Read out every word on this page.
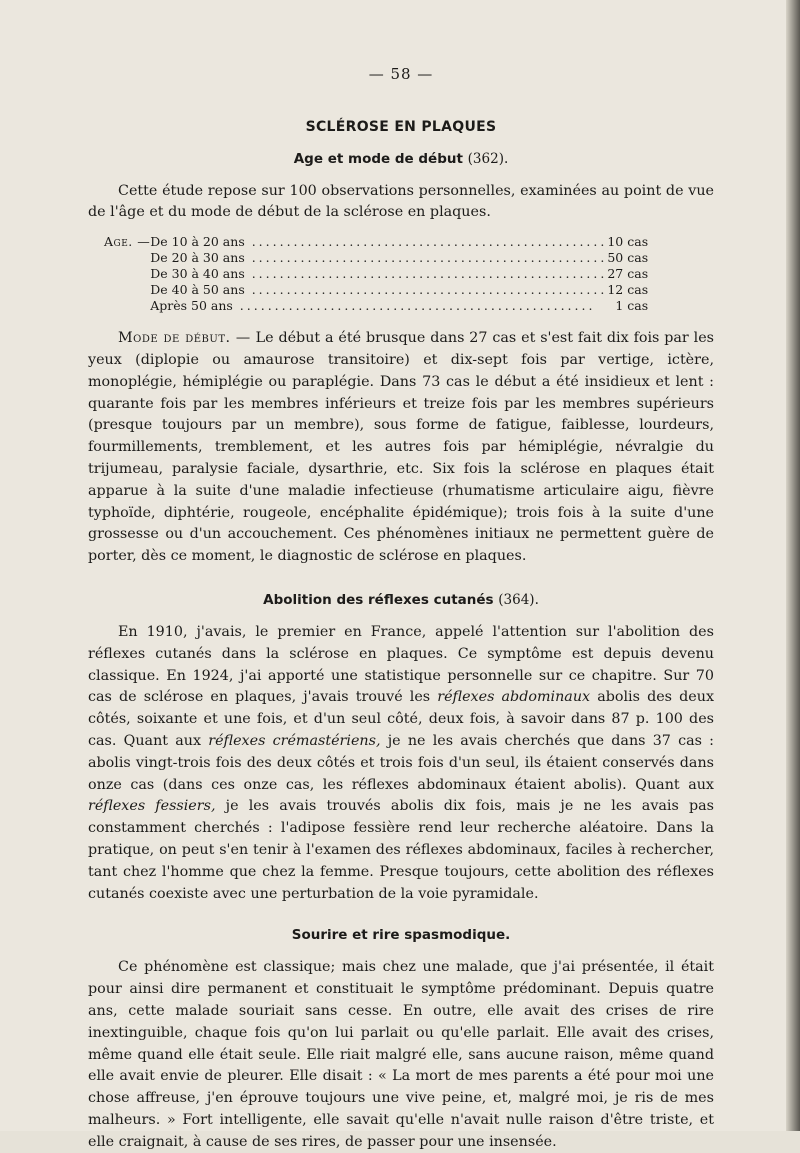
— 58 —
SCLÉROSE EN PLAQUES
Age et mode de début (362).

Cette étude repose sur 100 observations personnelles, examinées au point de vue de l'âge et du mode de début de la sclérose en plaques.

Age. —	De 10 à 20 ans ...................................................	10 cas
	De 20 à 30 ans ...................................................	50 cas
	De 30 à 40 ans ...................................................	27 cas
	De 40 à 50 ans ...................................................	12 cas
	Après 50 ans ...................................................	1 cas

Mode de début. — Le début a été brusque dans 27 cas et s'est fait dix fois par les yeux (diplopie ou amaurose transitoire) et dix-sept fois par vertige, ictère, monoplégie, hémiplégie ou paraplégie. Dans 73 cas le début a été insidieux et lent : quarante fois par les membres inférieurs et treize fois par les membres supérieurs (presque toujours par un membre), sous forme de fatigue, faiblesse, lourdeurs, fourmillements, tremblement, et les autres fois par hémiplégie, névralgie du trijumeau, paralysie faciale, dysarthrie, etc. Six fois la sclérose en plaques était apparue à la suite d'une maladie infectieuse (rhumatisme articulaire aigu, fièvre typhoïde, diphtérie, rougeole, encéphalite épidémique); trois fois à la suite d'une grossesse ou d'un accouchement. Ces phénomènes initiaux ne permettent guère de porter, dès ce moment, le diagnostic de sclérose en plaques.

Abolition des réflexes cutanés (364).

En 1910, j'avais, le premier en France, appelé l'attention sur l'abolition des réflexes cutanés dans la sclérose en plaques. Ce symptôme est depuis devenu classique. En 1924, j'ai apporté une statistique personnelle sur ce chapitre. Sur 70 cas de sclérose en plaques, j'avais trouvé les réflexes abdominaux abolis des deux côtés, soixante et une fois, et d'un seul côté, deux fois, à savoir dans 87 p. 100 des cas. Quant aux réflexes crémastériens, je ne les avais cherchés que dans 37 cas : abolis vingt-trois fois des deux côtés et trois fois d'un seul, ils étaient conservés dans onze cas (dans ces onze cas, les réflexes abdominaux étaient abolis). Quant aux réflexes fessiers, je les avais trouvés abolis dix fois, mais je ne les avais pas constamment cherchés : l'adipose fessière rend leur recherche aléatoire. Dans la pratique, on peut s'en tenir à l'examen des réflexes abdominaux, faciles à rechercher, tant chez l'homme que chez la femme. Presque toujours, cette abolition des réflexes cutanés coexiste avec une perturbation de la voie pyramidale.

Sourire et rire spasmodique.

Ce phénomène est classique; mais chez une malade, que j'ai présentée, il était pour ainsi dire permanent et constituait le symptôme prédominant. Depuis quatre ans, cette malade souriait sans cesse. En outre, elle avait des crises de rire inextinguible, chaque fois qu'on lui parlait ou qu'elle parlait. Elle avait des crises, même quand elle était seule. Elle riait malgré elle, sans aucune raison, même quand elle avait envie de pleurer. Elle disait : « La mort de mes parents a été pour moi une chose affreuse, j'en éprouve toujours une vive peine, et, malgré moi, je ris de mes malheurs. » Fort intelligente, elle savait qu'elle n'avait nulle raison d'être triste, et elle craignait, à cause de ses rires, de passer pour une insensée.
